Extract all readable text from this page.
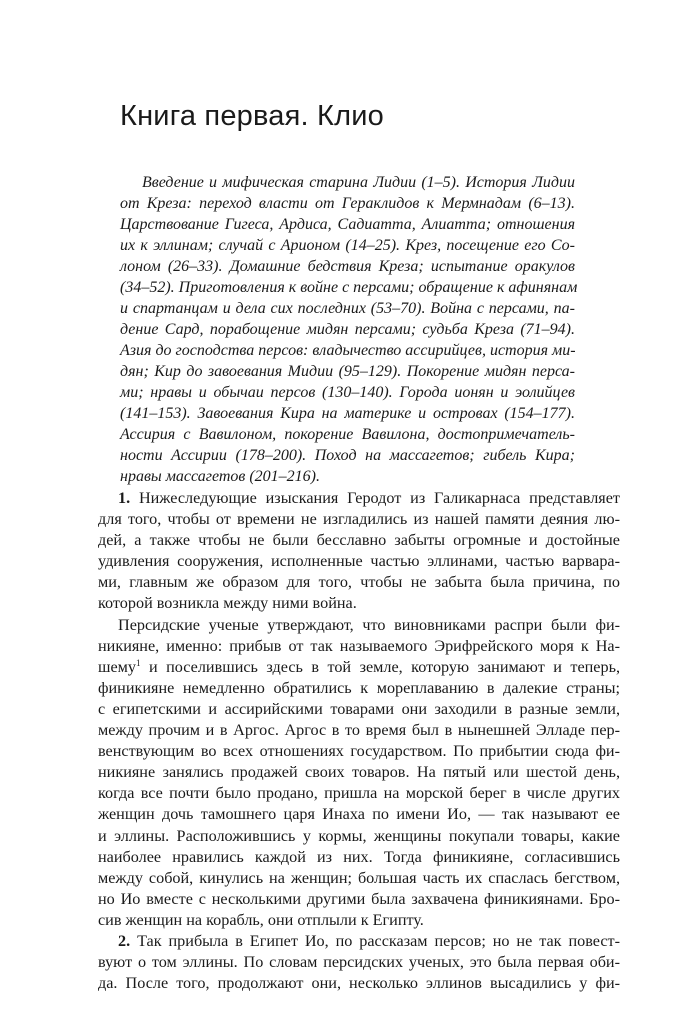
Книга первая. Клио
Введение и мифическая старина Лидии (1–5). История Лидии
от Креза: переход власти от Гераклидов к Мермнадам (6–13).
Царствование Гигеса, Ардиса, Садиатта, Алиатта; отношения
их к эллинам; случай с Арионом (14–25). Крез, посещение его Со-
лоном (26–33). Домашние бедствия Креза; испытание оракулов
(34–52). Приготовления к войне с персами; обращение к афинянам
и спартанцам и дела сих последних (53–70). Война с персами, па-
дение Сард, порабощение мидян персами; судьба Креза (71–94).
Азия до господства персов: владычество ассирийцев, история ми-
дян; Кир до завоевания Мидии (95–129). Покорение мидян перса-
ми; нравы и обычаи персов (130–140). Города ионян и эолийцев
(141–153). Завоевания Кира на материке и островах (154–177).
Ассирия с Вавилоном, покорение Вавилона, достопримечатель-
ности Ассирии (178–200). Поход на массагетов; гибель Кира;
нравы массагетов (201–216).
1. Нижеследующие изыскания Геродот из Галикарнаса представляет
для того, чтобы от времени не изгладились из нашей памяти деяния лю-
дей, а также чтобы не были бесславно забыты огромные и достойные
удивления сооружения, исполненные частью эллинами, частью варвара-
ми, главным же образом для того, чтобы не забыта была причина, по
которой возникла между ними война.
Персидские ученые утверждают, что виновниками распри были фи-
никияне, именно: прибыв от так называемого Эрифрейского моря к На-
шему$^1$ и поселившись здесь в той земле, которую занимают и теперь,
финикияне немедленно обратились к мореплаванию в далекие страны;
с египетскими и ассирийскими товарами они заходили в разные земли,
между прочим и в Аргос. Аргос в то время был в нынешней Элладе пер-
венствующим во всех отношениях государством. По прибытии сюда фи-
никияне занялись продажей своих товаров. На пятый или шестой день,
когда все почти было продано, пришла на морской берег в числе других
женщин дочь тамошнего царя Инаха по имени Ио, — так называют ее
и эллины. Расположившись у кормы, женщины покупали товары, какие
наиболее нравились каждой из них. Тогда финикияне, согласившись
между собой, кинулись на женщин; большая часть их спаслась бегством,
но Ио вместе с несколькими другими была захвачена финикиянами. Бро-
сив женщин на корабль, они отплыли к Египту.
2. Так прибыла в Египет Ио, по рассказам персов; но не так повест-
вуют о том эллины. По словам персидских ученых, это была первая оби-
да. После того, продолжают они, несколько эллинов высадились у фи-
